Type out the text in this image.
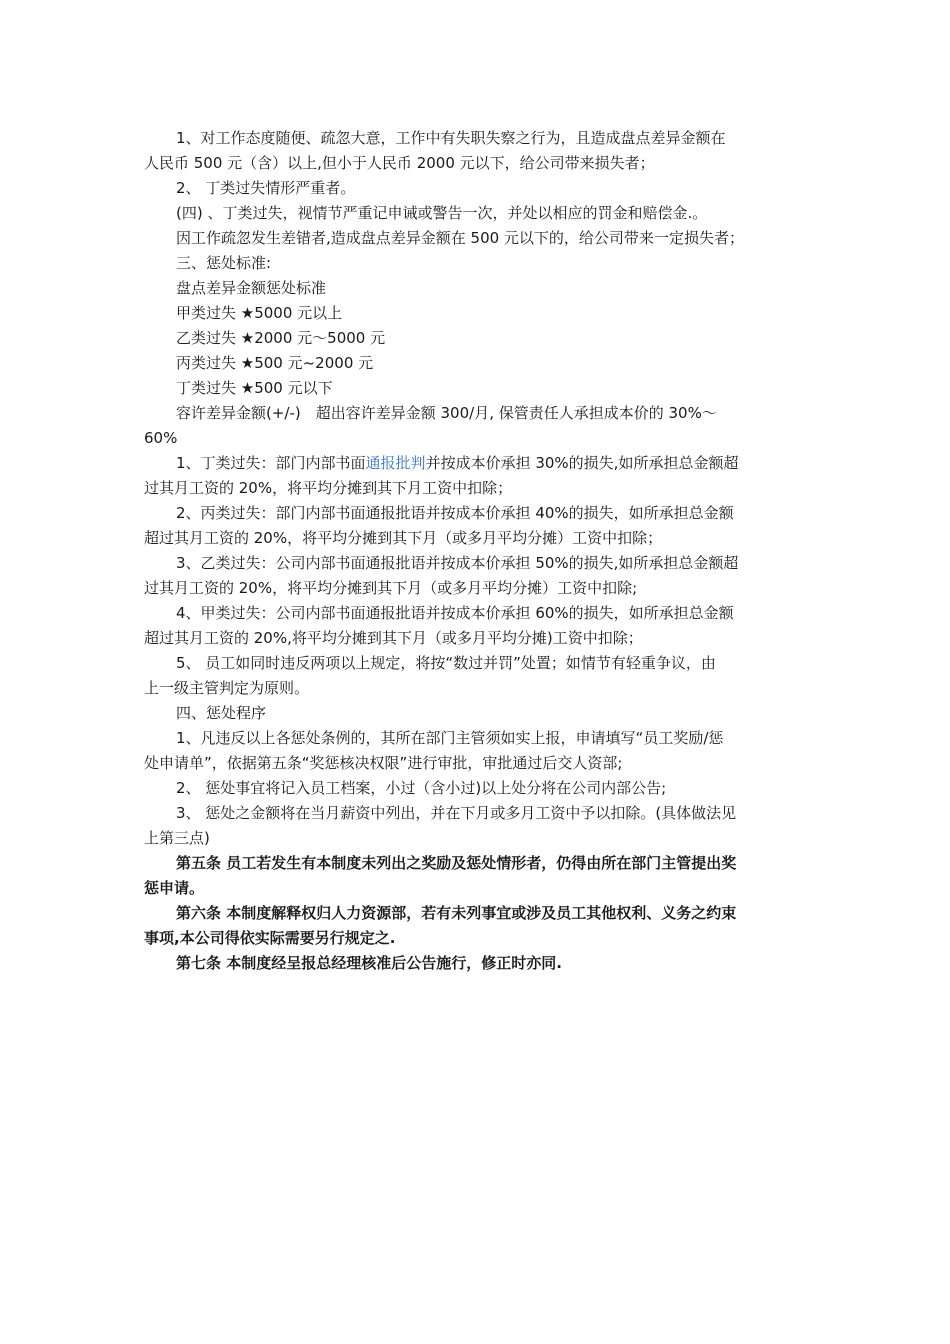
1、对工作态度随便、疏忽大意，工作中有失职失察之行为，且造成盘点差异金额在
人民币 500 元（含）以上,但小于人民币 2000 元以下，给公司带来损失者；
2、 丁类过失情形严重者。
(四) 、丁类过失，视情节严重记申诫或警告一次，并处以相应的罚金和赔偿金.。
因工作疏忽发生差错者,造成盘点差异金额在 500 元以下的，给公司带来一定损失者；
三、惩处标准:
盘点差异金额惩处标准
甲类过失 ★5000 元以上
乙类过失 ★2000 元～5000 元
丙类过失 ★500 元~2000 元
丁类过失 ★500 元以下
容许差异金额(+/-)　超出容许差异金额 300/月, 保管责任人承担成本价的 30%～
60%
1、丁类过失：部门内部书面通报批判并按成本价承担 30%的损失,如所承担总金额超
过其月工资的 20%，将平均分摊到其下月工资中扣除；
2、丙类过失：部门内部书面通报批语并按成本价承担 40%的损失，如所承担总金额
超过其月工资的 20%，将平均分摊到其下月（或多月平均分摊）工资中扣除；
3、乙类过失：公司内部书面通报批语并按成本价承担 50%的损失,如所承担总金额超
过其月工资的 20%，将平均分摊到其下月（或多月平均分摊）工资中扣除;
4、甲类过失：公司内部书面通报批语并按成本价承担 60%的损失，如所承担总金额
超过其月工资的 20%,将平均分摊到其下月（或多月平均分摊)工资中扣除；
5、 员工如同时违反两项以上规定，将按“数过并罚”处置；如情节有轻重争议，由
上一级主管判定为原则。
四、惩处程序
1、凡违反以上各惩处条例的，其所在部门主管须如实上报，申请填写“员工奖励/惩
处申请单”，依据第五条“奖惩核决权限”进行审批，审批通过后交人资部;
2、 惩处事宜将记入员工档案，小过（含小过)以上处分将在公司内部公告;
3、 惩处之金额将在当月薪资中列出，并在下月或多月工资中予以扣除。(具体做法见
上第三点)
第五条 员工若发生有本制度未列出之奖励及惩处情形者，仍得由所在部门主管提出奖
惩申请。
第六条 本制度解释权归人力资源部，若有未列事宜或涉及员工其他权利、义务之约束
事项,本公司得依实际需要另行规定之.
第七条 本制度经呈报总经理核准后公告施行，修正时亦同.
